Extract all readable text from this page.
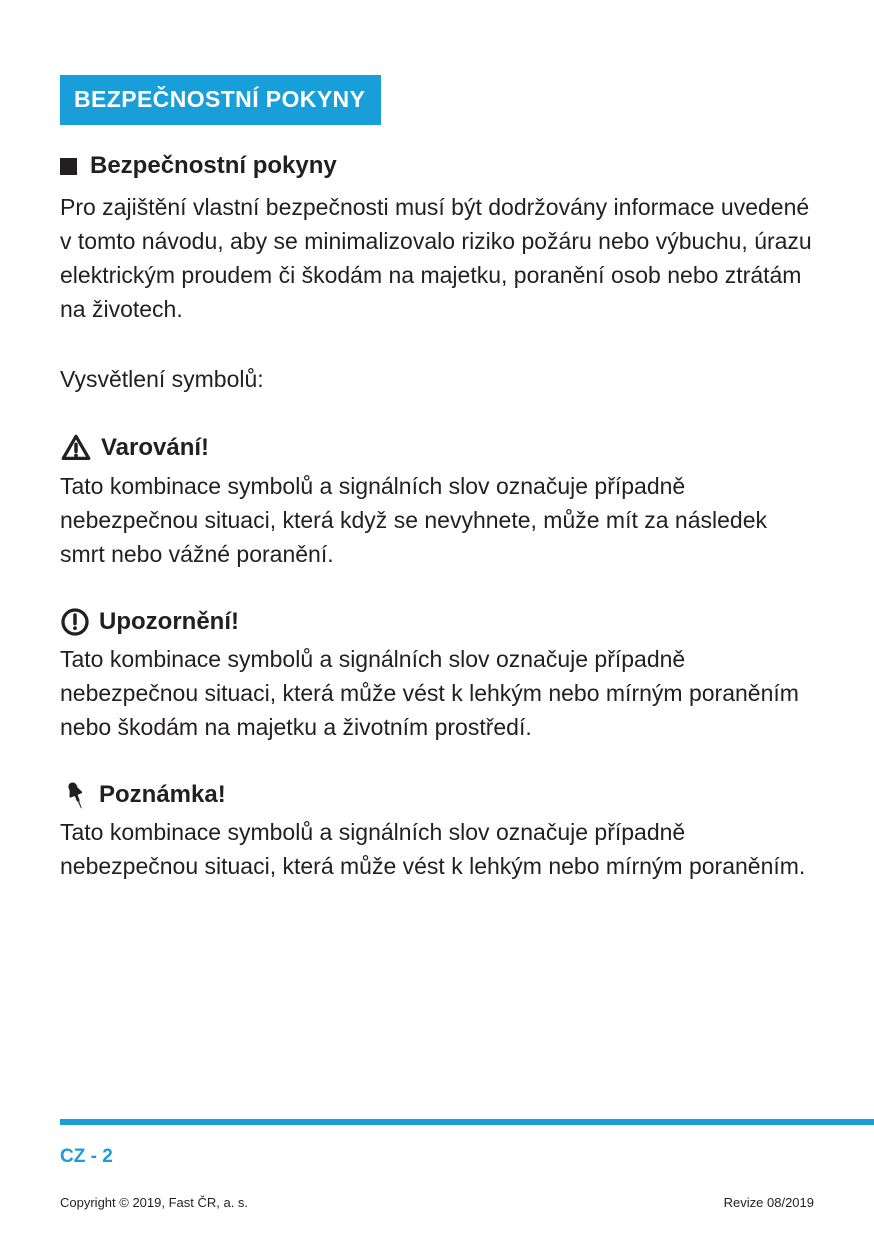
BEZPEČNOSTNÍ POKYNY
Bezpečnostní pokyny

Pro zajištění vlastní bezpečnosti musí být dodržovány informace uvedené v tomto návodu, aby se minimalizovalo riziko požáru nebo výbuchu, úrazu elektrickým proudem či škodám na majetku, poranění osob nebo ztrátám na životech.

Vysvětlení symbolů:

Varování!

Tato kombinace symbolů a signálních slov označuje případně nebezpečnou situaci, která když se nevyhnete, může mít za následek smrt nebo vážné poranění.

Upozornění!

Tato kombinace symbolů a signálních slov označuje případně nebezpečnou situaci, která může vést k lehkým nebo mírným poraněním nebo škodám na majetku a životním prostředí.

Poznámka!

Tato kombinace symbolů a signálních slov označuje případně nebezpečnou situaci, která může vést k lehkým nebo mírným poraněním.

CZ - 2
Copyright © 2019, Fast ČR, a. s.	Revize 08/2019
